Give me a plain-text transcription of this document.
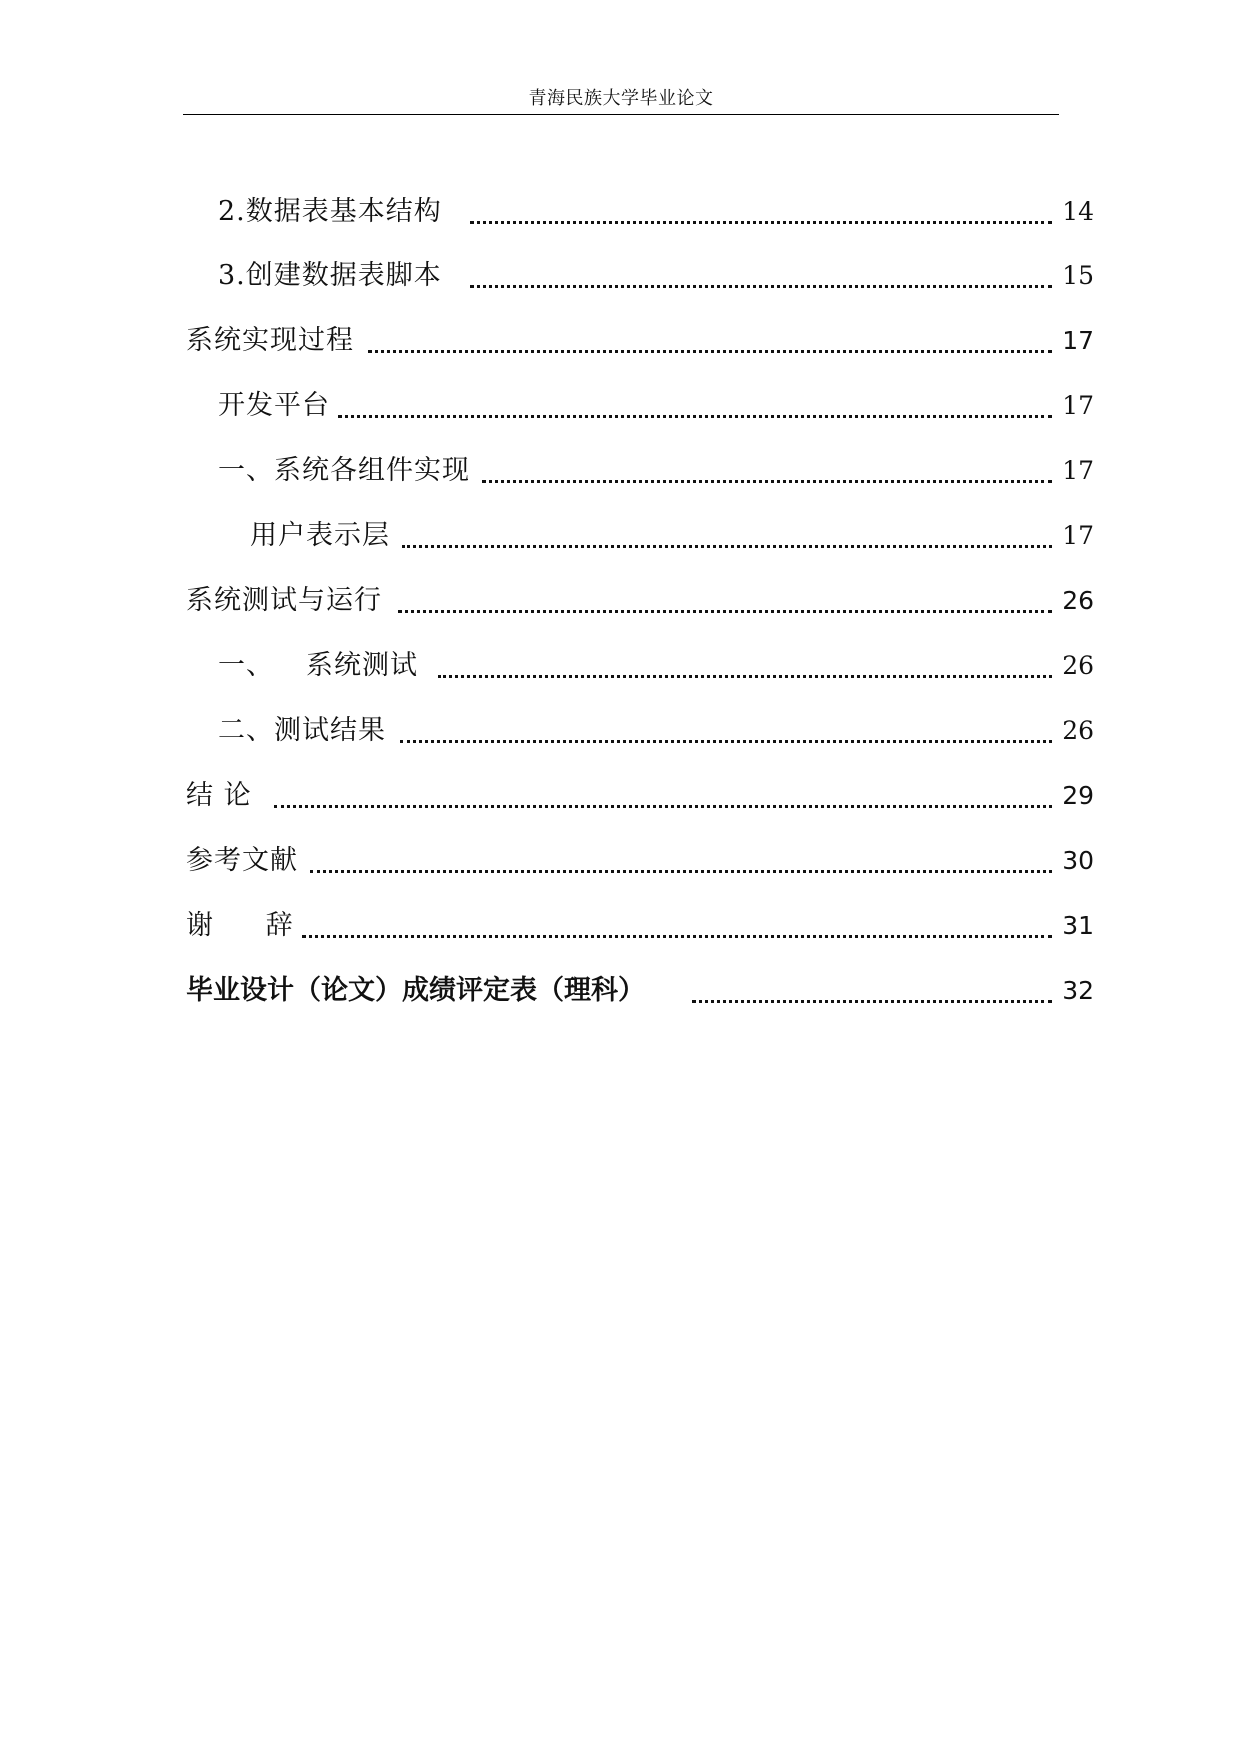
青海民族大学毕业论文
2.数据表基本结构	14
3.创建数据表脚本	15
系统实现过程	17
开发平台	17
一、系统各组件实现	17
用户表示层	17
系统测试与运行	26
一、 系统测试	26
二、测试结果	26
结 论	29
参考文献	30
谢 辞	31
毕业设计（论文）成绩评定表（理科）	32
